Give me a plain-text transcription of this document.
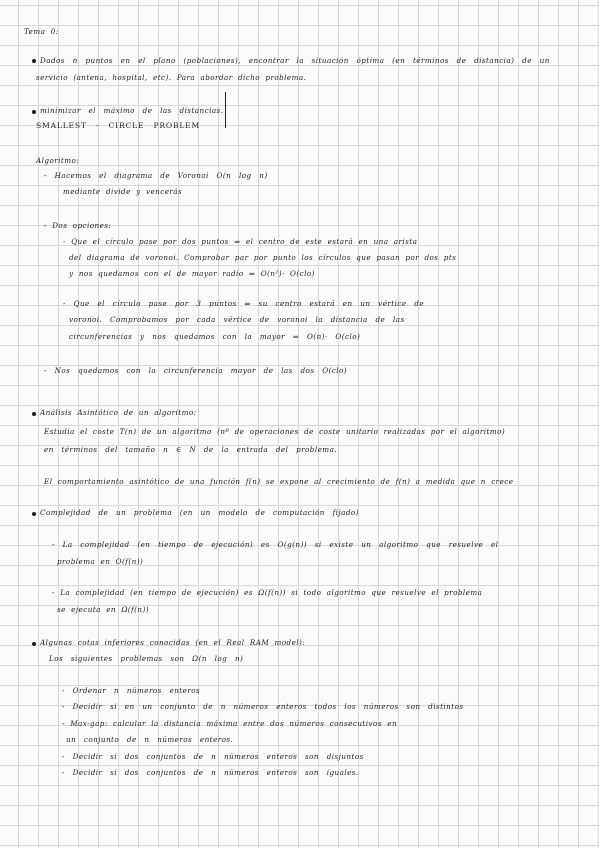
Tema 0:
Dados n puntos en el plano (poblaciones), encontrar la situación óptima (en términos de distancia) de un
servicio (antena, hospital, etc). Para abordar dicho problema.
minimizar el máximo de las distancias.
SMALLEST - CIRCLE PROBLEM
Algoritmo:
- Hacemos el diagrama de Voronoi O(n log n)
mediante divide y vencerás
- Dos opciones:
- Que el círculo pase por dos puntos ⇒ el centro de este estará en una arista
del diagrama de voronoi. Comprobar par por punto los círculos que pasan por dos pts
y nos quedamos con el de mayor radio ⇒ O(n²)· O(clo)
- Que el círculo pase por 3 puntos ⇒ su centro estará en un vértice de
voronoi. Comprobamos por cada vértice de voronoi la distancia de las
circunferencias y nos quedamos con la mayor ⇒ O(n)· O(clo)
- Nos quedamos con la circunferencia mayor de las dos O(clo)
Análisis Asintótico de un algoritmo:
Estudia el coste T(n) de un algoritmo (nº de operaciones de coste unitario realizadas por el algoritmo)
en términos del tamaño n ∈ N de la entrada del problema.
El comportamiento asintótico de una función f(n) se expone al crecimiento de f(n) a medida que n crece
Complejidad de un problema (en un modelo de computación fijado)
- La complejidad (en tiempo de ejecución) es O(g(n)) si existe un algoritmo que resuelve el
problema en O(f(n))
- La complejidad (en tiempo de ejecución) es Ω(f(n)) si todo algoritmo que resuelve el problema
se ejecuta en Ω(f(n))
Algunas cotas inferiores conocidas (en el Real RAM model):
Los siguientes problemas son Ω(n log n)
- Ordenar n números enteros
- Decidir si en un conjunto de n números enteros todos los números son distintos
- Max-gap: calcular la distancia máxima entre dos números consecutivos en
un conjunto de n números enteros.
- Decidir si dos conjuntos de n números enteros son disjuntos
- Decidir si dos conjuntos de n números enteros son iguales.
